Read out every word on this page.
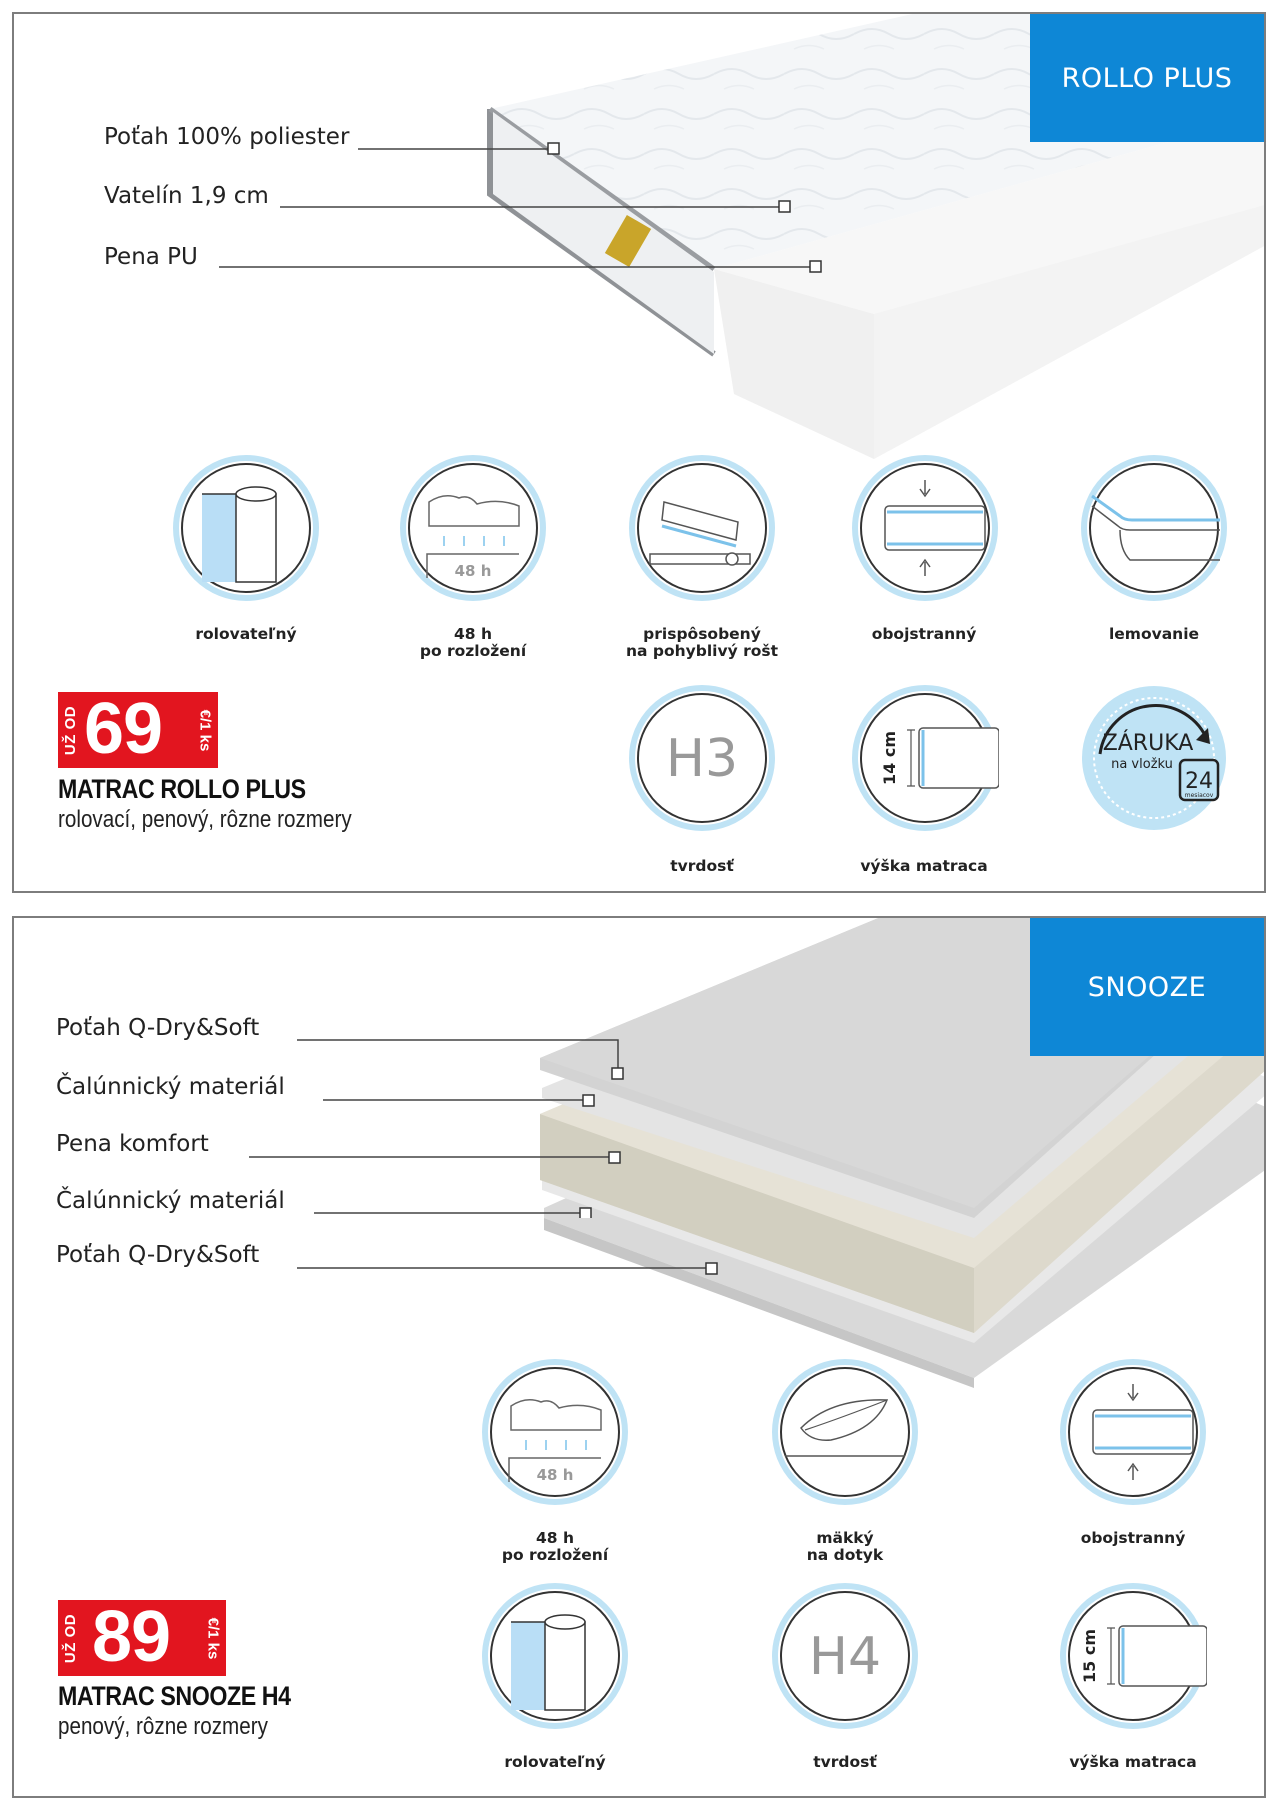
Poťah 100% poliester
Vatelín 1,9 cm
Pena PU
ROLLO PLUS
rolovateľný
48 h
48 h
po rozložení
prispôsobený
na pohyblivý rošt
obojstranný	lemovanie
H3
tvrdosť
14 cm
výška matraca
ZÁRUKA
na vložku
24
mesiacov
UŽ OD 69 €/1 ks
MATRAC ROLLO PLUS
rolovací, penový, rôzne rozmery
Poťah Q-Dry&Soft
Čalúnnický materiál
Pena komfort
Čalúnnický materiál
Poťah Q-Dry&Soft
SNOOZE
48 h
48 h
po rozložení
mäkký
na dotyk
obojstranný
rolovateľný
H4
tvrdosť
15 cm
výška matraca
UŽ OD 89 €/1 ks
MATRAC SNOOZE H4
penový, rôzne rozmery
